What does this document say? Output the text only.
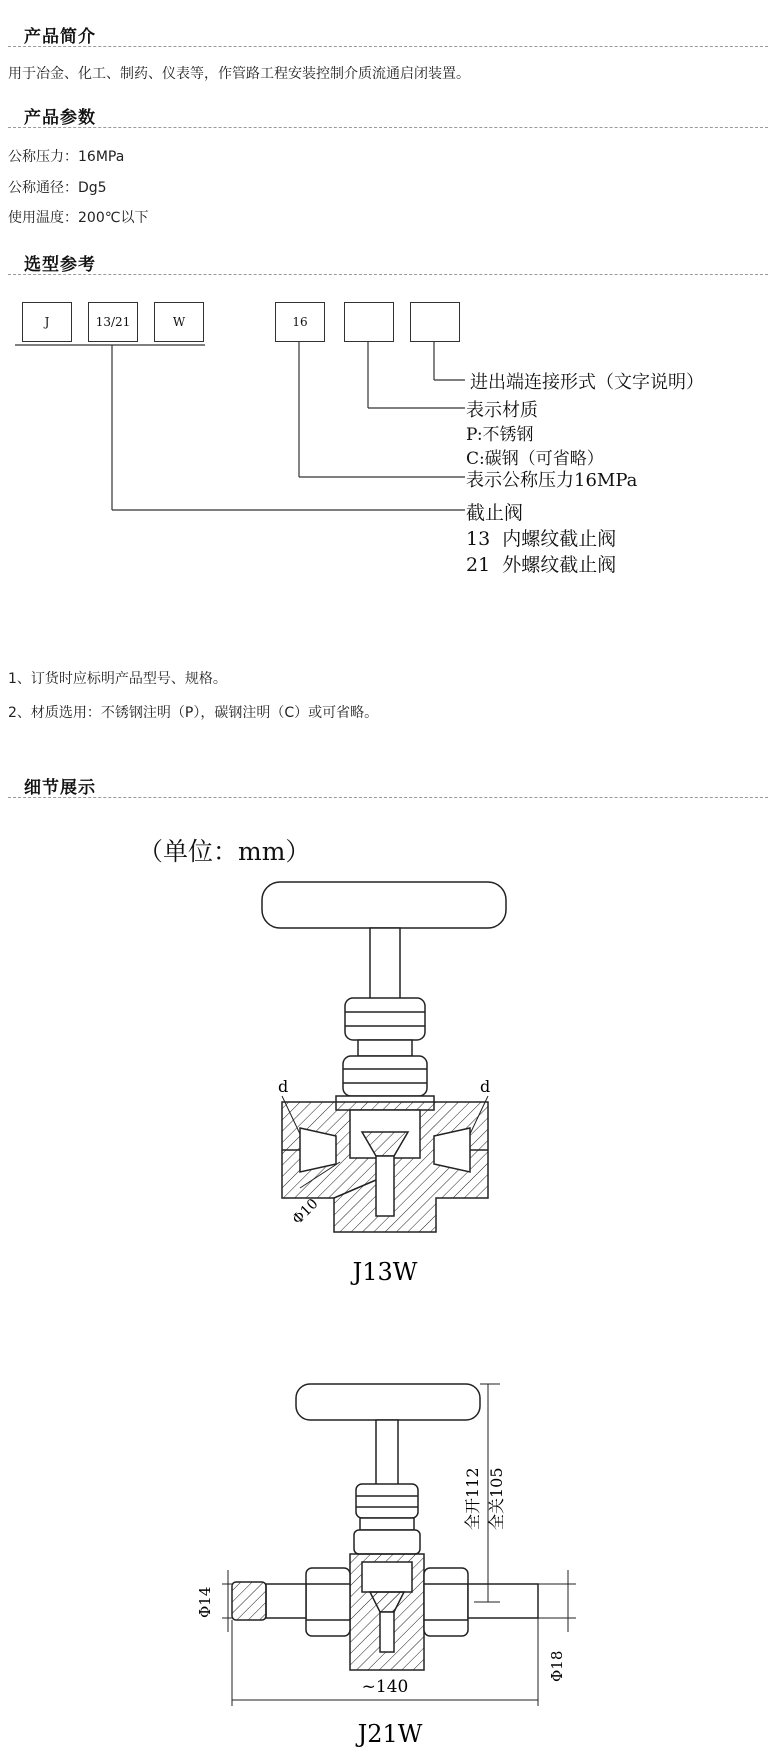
产品简介
用于冶金、化工、制药、仪表等，作管路工程安装控制介质流通启闭装置。
产品参数
公称压力：16MPa
公称通径：Dg5
使用温度：200℃以下
选型参考
J	13/21	W	16
进出端连接形式（文字说明）
表示材质
P:不锈钢
C:碳钢（可省略）
表示公称压力16MPa
截止阀
13  内螺纹截止阀
21  外螺纹截止阀
1、订货时应标明产品型号、规格。
2、材质选用：不锈钢注明（P），碳钢注明（C）或可省略。
细节展示
（单位：mm）
d	d
Φ10
J13W
全开112 全关105
Φ14
Φ18
~140
J21W
